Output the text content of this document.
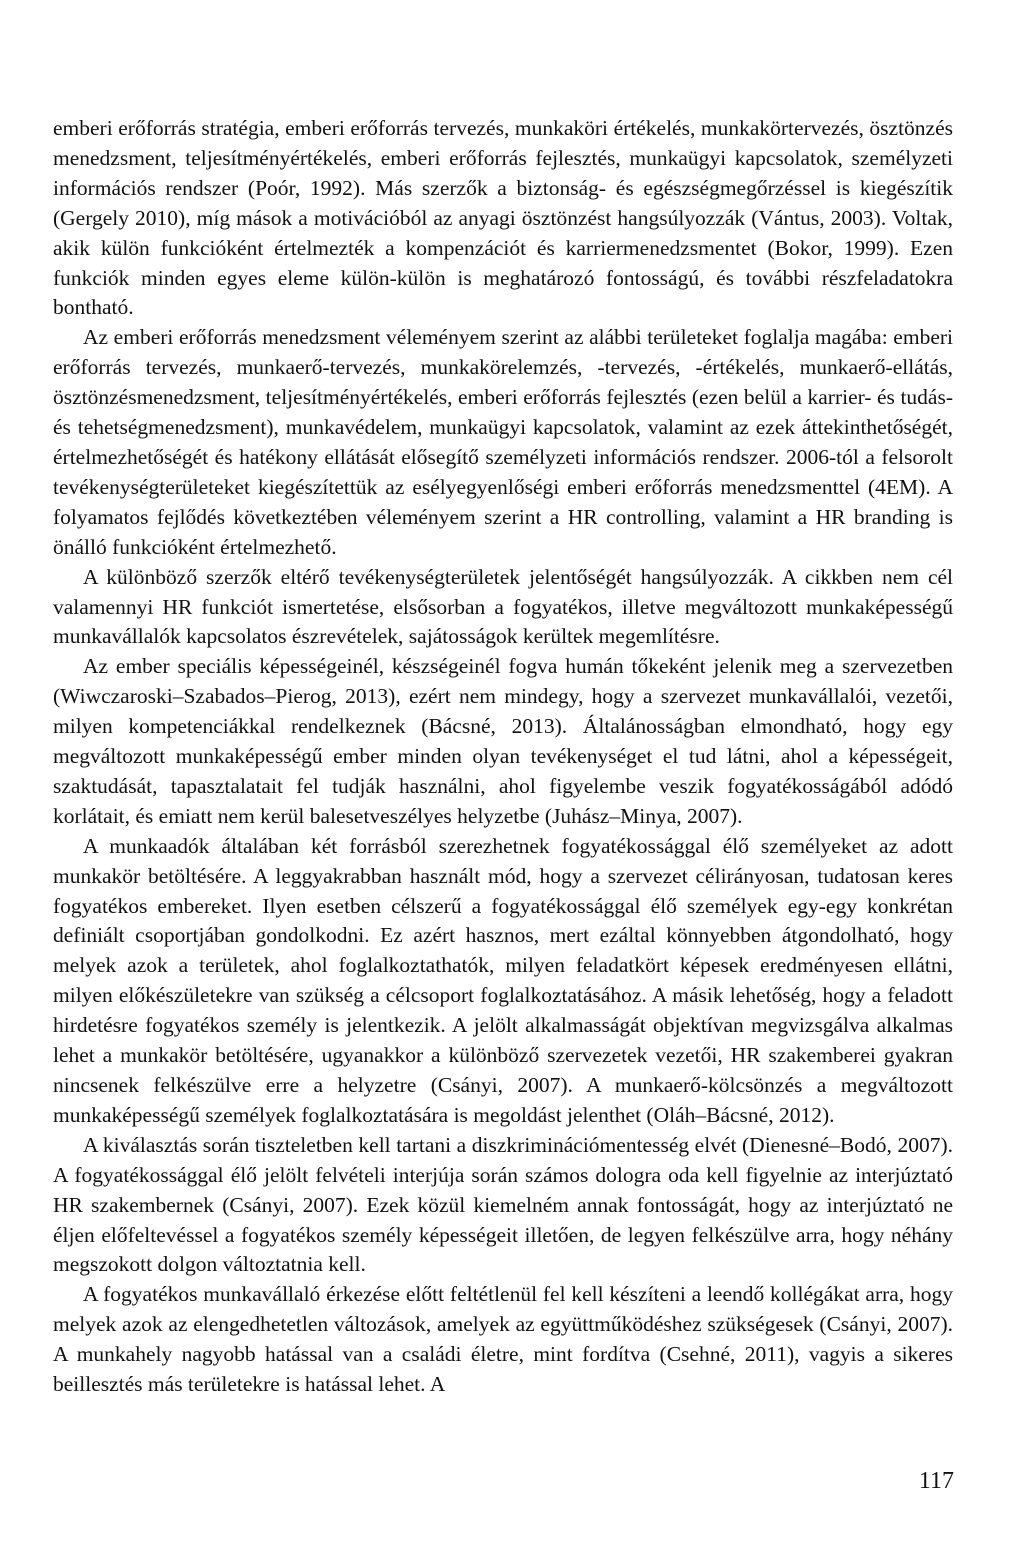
emberi erőforrás stratégia, emberi erőforrás tervezés, munkaköri értékelés, munkakörtervezés, ösztönzés menedzsment, teljesítményértékelés, emberi erőforrás fejlesztés, munkaügyi kapcsolatok, személyzeti információs rendszer (Poór, 1992). Más szerzők a biztonság- és egészségmegőrzéssel is kiegészítik (Gergely 2010), míg mások a motivációból az anyagi ösztönzést hangsúlyozzák (Vántus, 2003). Voltak, akik külön funkcióként értelmezték a kompenzációt és karriermenedzsmentet (Bokor, 1999). Ezen funkciók minden egyes eleme külön-külön is meghatározó fontosságú, és további részfeladatokra bontható.

Az emberi erőforrás menedzsment véleményem szerint az alábbi területeket foglalja magába: emberi erőforrás tervezés, munkaerő-tervezés, munkakörelemzés, -tervezés, -értékelés, munkaerő-ellátás, ösztönzésmenedzsment, teljesítményértékelés, emberi erőforrás fejlesztés (ezen belül a karrier- és tudás- és tehetségmenedzsment), munkavédelem, munkaügyi kapcsolatok, valamint az ezek áttekinthetőségét, értelmezhetőségét és hatékony ellátását elősegítő személyzeti információs rendszer. 2006-tól a felsorolt tevékenységterületeket kiegészítettük az esélyegyenlőségi emberi erőforrás menedzsmenttel (4EM). A folyamatos fejlődés következtében véleményem szerint a HR controlling, valamint a HR branding is önálló funkcióként értelmezhető.

A különböző szerzők eltérő tevékenységterületek jelentőségét hangsúlyozzák. A cikkben nem cél valamennyi HR funkciót ismertetése, elsősorban a fogyatékos, illetve megváltozott munkaképességű munkavállalók kapcsolatos észrevételek, sajátosságok kerültek megemlítésre.

Az ember speciális képességeinél, készségeinél fogva humán tőkeként jelenik meg a szervezetben (Wiwczaroski–Szabados–Pierog, 2013), ezért nem mindegy, hogy a szervezet munkavállalói, vezetői, milyen kompetenciákkal rendelkeznek (Bácsné, 2013). Általánosságban elmondható, hogy egy megváltozott munkaképességű ember minden olyan tevékenységet el tud látni, ahol a képességeit, szaktudását, tapasztalatait fel tudják használni, ahol figyelembe veszik fogyatékosságából adódó korlátait, és emiatt nem kerül balesetveszélyes helyzetbe (Juhász–Minya, 2007).

A munkaadók általában két forrásból szerezhetnek fogyatékossággal élő személyeket az adott munkakör betöltésére. A leggyakrabban használt mód, hogy a szervezet célirányosan, tudatosan keres fogyatékos embereket. Ilyen esetben célszerű a fogyatékossággal élő személyek egy-egy konkrétan definiált csoportjában gondolkodni. Ez azért hasznos, mert ezáltal könnyebben átgondolható, hogy melyek azok a területek, ahol foglalkoztathatók, milyen feladatkört képesek eredményesen ellátni, milyen előkészületekre van szükség a célcsoport foglalkoztatásához. A másik lehetőség, hogy a feladott hirdetésre fogyatékos személy is jelentkezik. A jelölt alkalmasságát objektívan megvizsgálva alkalmas lehet a munkakör betöltésére, ugyanakkor a különböző szervezetek vezetői, HR szakemberei gyakran nincsenek felkészülve erre a helyzetre (Csányi, 2007). A munkaerő-kölcsönzés a megváltozott munkaképességű személyek foglalkoztatására is megoldást jelenthet (Oláh–Bácsné, 2012).

A kiválasztás során tiszteletben kell tartani a diszkriminációmentesség elvét (Dienesné–Bodó, 2007). A fogyatékossággal élő jelölt felvételi interjúja során számos dologra oda kell figyelnie az interjúztató HR szakembernek (Csányi, 2007). Ezek közül kiemelném annak fontosságát, hogy az interjúztató ne éljen előfeltevéssel a fogyatékos személy képességeit illetően, de legyen felkészülve arra, hogy néhány megszokott dolgon változtatnia kell.

A fogyatékos munkavállaló érkezése előtt feltétlenül fel kell készíteni a leendő kollégákat arra, hogy melyek azok az elengedhetetlen változások, amelyek az együttműködéshez szükségesek (Csányi, 2007). A munkahely nagyobb hatással van a családi életre, mint fordítva (Csehné, 2011), vagyis a sikeres beillesztés más területekre is hatással lehet. A

117
